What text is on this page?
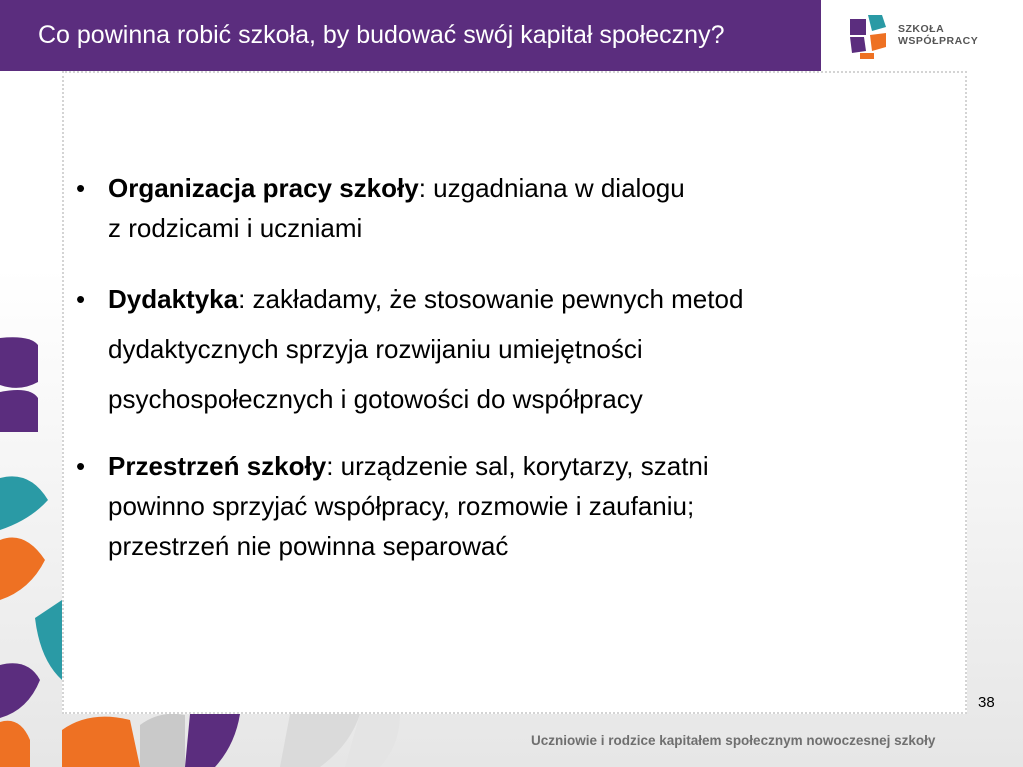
Co powinna robić szkoła, by budować swój kapitał społeczny?	SZKOŁA
WSPÓŁPRACY
• Organizacja pracy szkoły: uzgadniana w dialogu
z rodzicami i uczniami
• Dydaktyka: zakładamy, że stosowanie pewnych metod
dydaktycznych sprzyja rozwijaniu umiejętności
psychospołecznych i gotowości do współpracy
• Przestrzeń szkoły: urządzenie sal, korytarzy, szatni
powinno sprzyjać współpracy, rozmowie i zaufaniu;
przestrzeń nie powinna separować
38
Uczniowie i rodzice kapitałem społecznym nowoczesnej szkoły
